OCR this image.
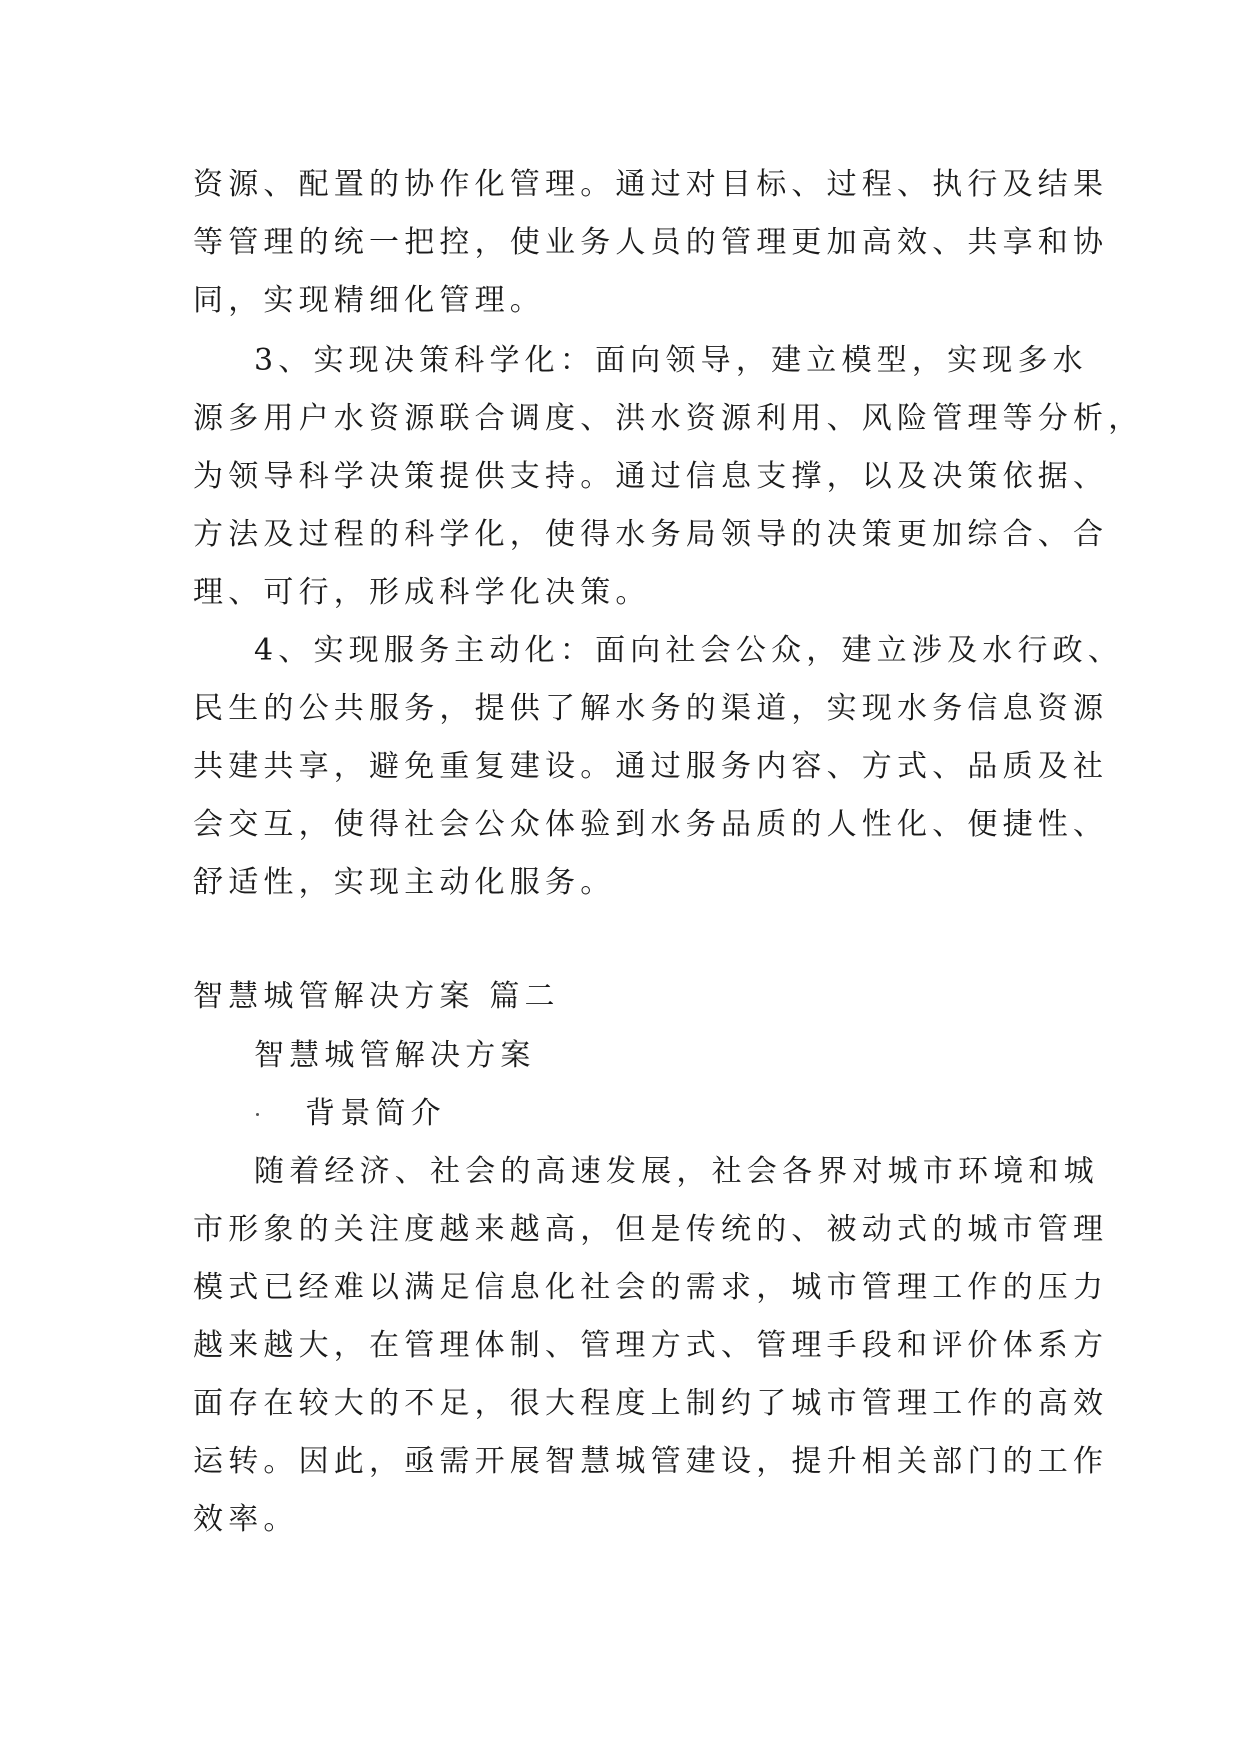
资源、配置的协作化管理。通过对目标、过程、执行及结果
等管理的统一把控，使业务人员的管理更加高效、共享和协
同，实现精细化管理。
3、实现决策科学化：面向领导，建立模型，实现多水
源多用户水资源联合调度、洪水资源利用、风险管理等分析，
为领导科学决策提供支持。通过信息支撑，以及决策依据、
方法及过程的科学化，使得水务局领导的决策更加综合、合
理、可行，形成科学化决策。
4、实现服务主动化：面向社会公众，建立涉及水行政、
民生的公共服务，提供了解水务的渠道，实现水务信息资源
共建共享，避免重复建设。通过服务内容、方式、品质及社
会交互，使得社会公众体验到水务品质的人性化、便捷性、
舒适性，实现主动化服务。
智慧城管解决方案 篇二
智慧城管解决方案
背景简介
随着经济、社会的高速发展，社会各界对城市环境和城
市形象的关注度越来越高，但是传统的、被动式的城市管理
模式已经难以满足信息化社会的需求，城市管理工作的压力
越来越大，在管理体制、管理方式、管理手段和评价体系方
面存在较大的不足，很大程度上制约了城市管理工作的高效
运转。因此，亟需开展智慧城管建设，提升相关部门的工作
效率。
